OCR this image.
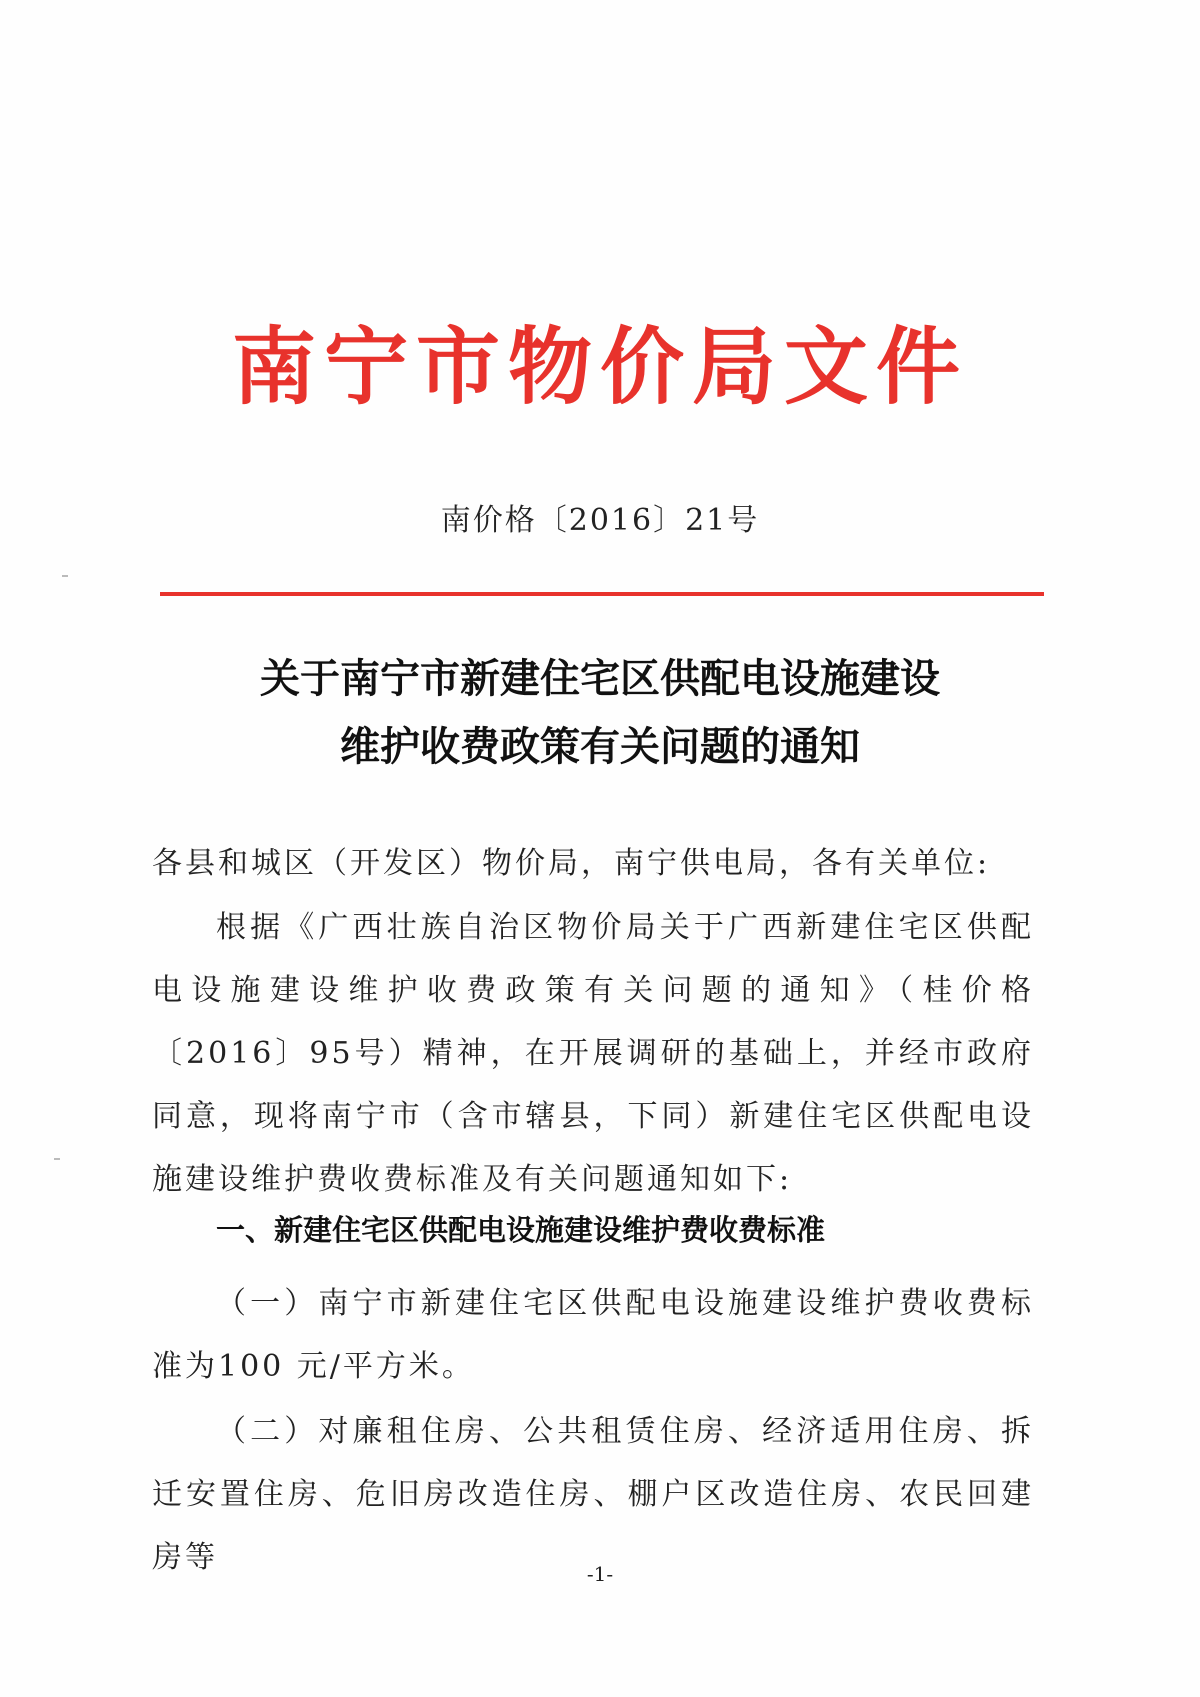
南宁市物价局文件
南价格〔2016〕21号
关于南宁市新建住宅区供配电设施建设
维护收费政策有关问题的通知
各县和城区（开发区）物价局，南宁供电局，各有关单位:
根据《广西壮族自治区物价局关于广西新建住宅区供配电设施建设维护收费政策有关问题的通知》（桂价格〔2016〕95号）精神，在开展调研的基础上，并经市政府同意，现将南宁市（含市辖县，下同）新建住宅区供配电设施建设维护费收费标准及有关问题通知如下:
一、新建住宅区供配电设施建设维护费收费标准
（一）南宁市新建住宅区供配电设施建设维护费收费标准为100 元/平方米。
（二）对廉租住房、公共租赁住房、经济适用住房、拆迁安置住房、危旧房改造住房、棚户区改造住房、农民回建房等	-1-
